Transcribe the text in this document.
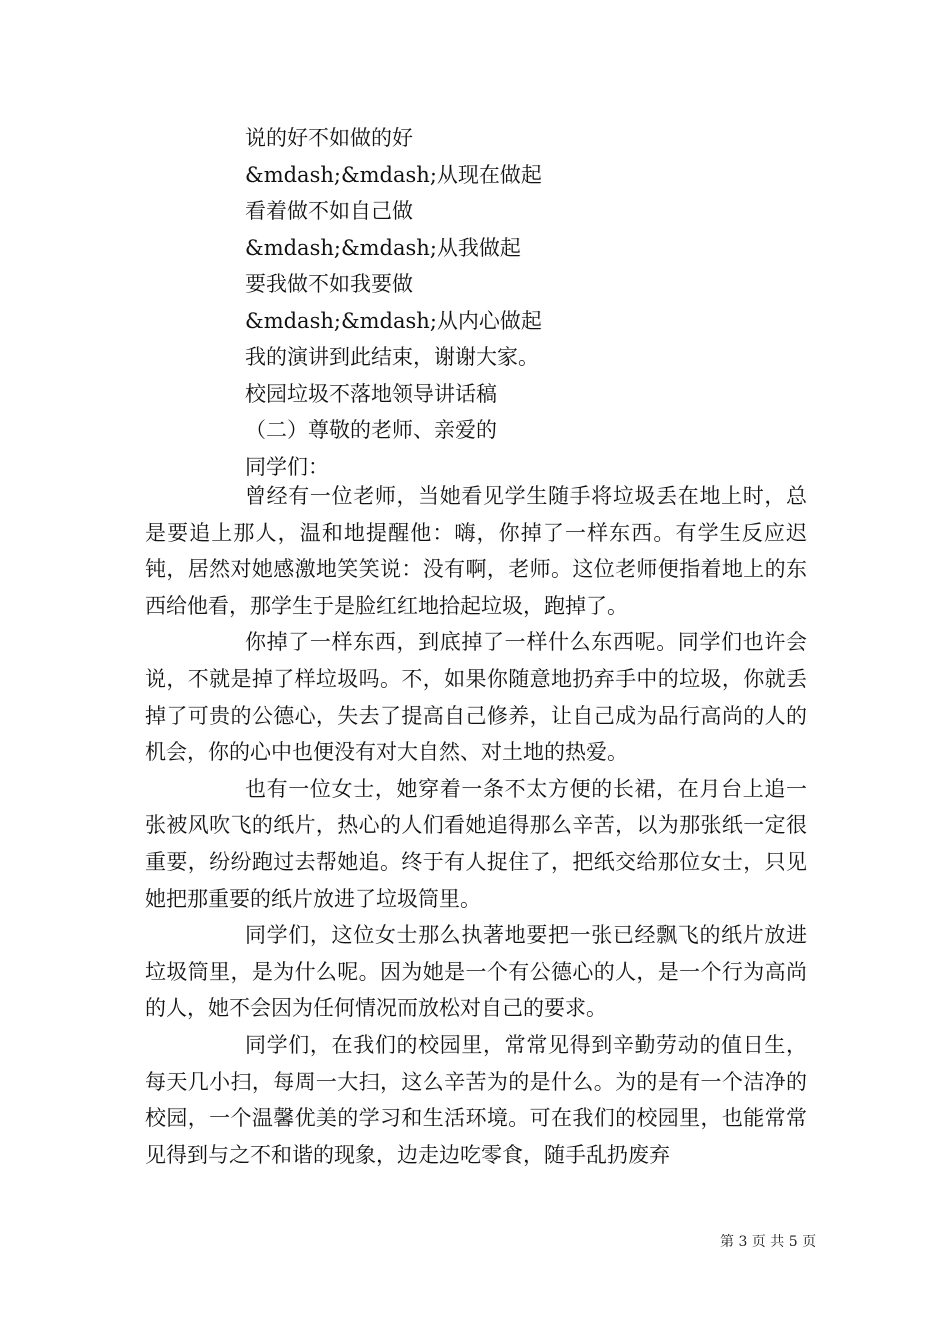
说的好不如做的好

&mdash;&mdash;从现在做起

看着做不如自己做

&mdash;&mdash;从我做起

要我做不如我要做

&mdash;&mdash;从内心做起

我的演讲到此结束，谢谢大家。

校园垃圾不落地领导讲话稿

（二）尊敬的老师、亲爱的

同学们：

曾经有一位老师，当她看见学生随手将垃圾丢在地上时，总是要追上那人，温和地提醒他：嗨，你掉了一样东西。有学生反应迟钝，居然对她感激地笑笑说：没有啊，老师。这位老师便指着地上的东西给他看，那学生于是脸红红地拾起垃圾，跑掉了。

你掉了一样东西，到底掉了一样什么东西呢。同学们也许会说，不就是掉了样垃圾吗。不，如果你随意地扔弃手中的垃圾，你就丢掉了可贵的公德心，失去了提高自己修养，让自己成为品行高尚的人的机会，你的心中也便没有对大自然、对土地的热爱。

也有一位女士，她穿着一条不太方便的长裙，在月台上追一张被风吹飞的纸片，热心的人们看她追得那么辛苦，以为那张纸一定很重要，纷纷跑过去帮她追。终于有人捉住了，把纸交给那位女士，只见她把那重要的纸片放进了垃圾筒里。

同学们，这位女士那么执著地要把一张已经飘飞的纸片放进垃圾筒里，是为什么呢。因为她是一个有公德心的人，是一个行为高尚的人，她不会因为任何情况而放松对自己的要求。

同学们，在我们的校园里，常常见得到辛勤劳动的值日生，每天几小扫，每周一大扫，这么辛苦为的是什么。为的是有一个洁净的校园，一个温馨优美的学习和生活环境。可在我们的校园里，也能常常见得到与之不和谐的现象，边走边吃零食，随手乱扔废弃

第 3 页 共 5 页
